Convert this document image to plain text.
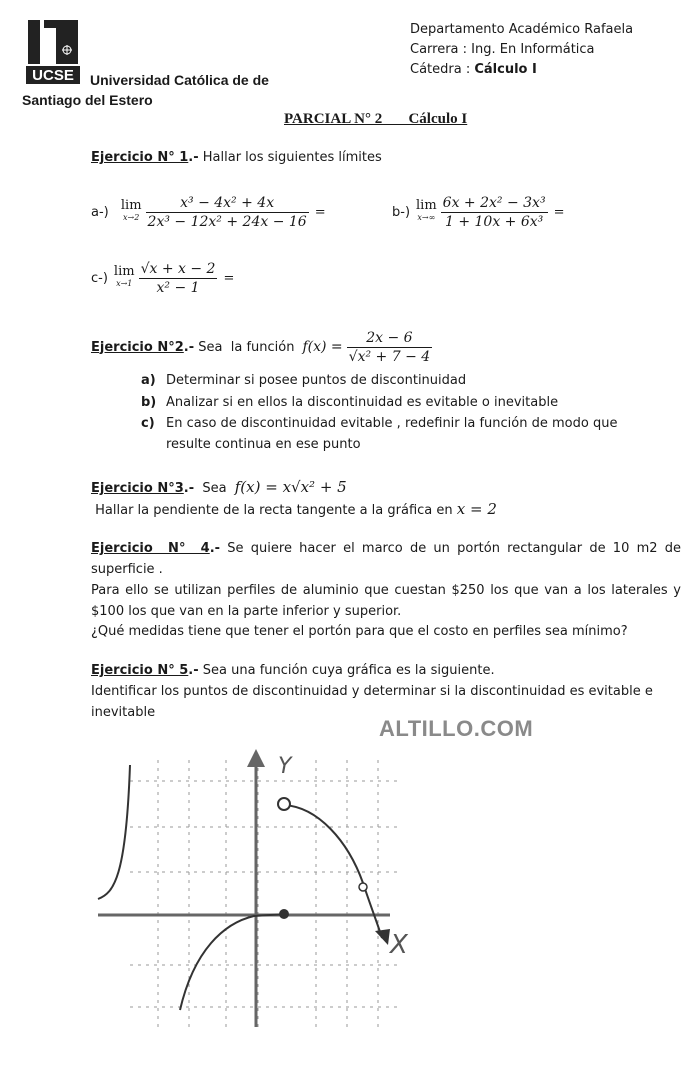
UCSE Universidad Católica de de
Santiago del Estero
Departamento Académico Rafaela
Carrera : Ing. En Informática
Cátedra : Cálculo I
PARCIAL N° 2       Cálculo I
Ejercicio N° 1.- Hallar los siguientes límites
a-)
lim
$x\to 2 \frac{\text{x³ − 4x² + 4x}}{\text{2x³ − 12x² + 24x − 16}}$ =	b-) lim
$x\to\infty \frac{\text{6x + 2x² − 3x³}}{\text{1 + 10x + 6x³}}$ =
c-) lim
$x\to 1 \frac{√x + x - 2}{\text{x² − 1}}$ =
Ejercicio N°2 .- Sea  la función $f(x) = \frac{2x - 6}{\text{√x² + 7 − 4}}$
a) Determinar si posee puntos de discontinuidad
b) Analizar si en ellos la discontinuidad es evitable o inevitable
c) En caso de discontinuidad evitable , redefinir la función de modo que
resulte continua en ese punto
Ejercicio N°3.-  Sea f(x) = x√x² + 5
Hallar la pendiente de la recta tangente a la gráfica en x = 2
Ejercicio  N°  4.- Se quiere hacer el marco de un portón rectangular de 10 m2 de superficie .
Para ello se utilizan perfiles de aluminio que cuestan $250 los que van a los laterales y $100 los que van en la parte inferior y superior.
¿Qué medidas tiene que tener el portón para que el costo en perfiles sea mínimo?
Ejercicio N° 5.- Sea una función cuya gráfica es la siguiente.
Identificar los puntos de discontinuidad y determinar si la discontinuidad es evitable e inevitable
ALTILLO.COM
Y
X
